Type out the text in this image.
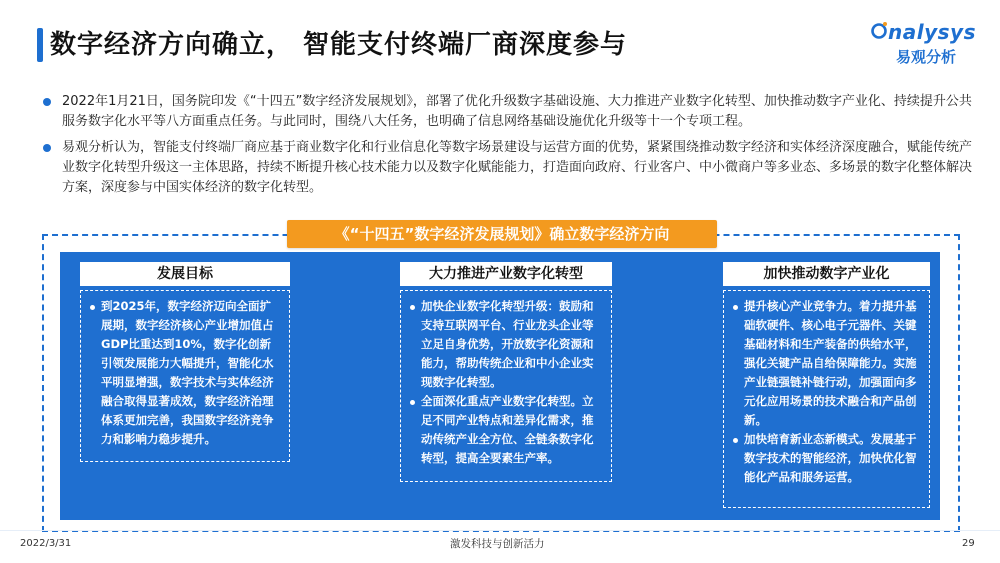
数字经济方向确立， 智能支付终端厂商深度参与	nalysys
易观分析
2022年1月21日，国务院印发《“十四五”数字经济发展规划》，部署了优化升级数字基础设施、大力推进产业数字化转型、加快推动数字产业化、持续提升公共服务数字化水平等八方面重点任务。与此同时，围绕八大任务，也明确了信息网络基础设施优化升级等十一个专项工程。
易观分析认为，智能支付终端厂商应基于商业数字化和行业信息化等数字场景建设与运营方面的优势，紧紧围绕推动数字经济和实体经济深度融合，赋能传统产业数字化转型升级这一主体思路，持续不断提升核心技术能力以及数字化赋能能力，打造面向政府、行业客户、中小微商户等多业态、多场景的数字化整体解决方案，深度参与中国实体经济的数字化转型。
《“十四五”数字经济发展规划》确立数字经济方向
发展目标
到2025年，数字经济迈向全面扩展期，数字经济核心产业增加值占GDP比重达到10%，数字化创新引领发展能力大幅提升，智能化水平明显增强，数字技术与实体经济融合取得显著成效，数字经济治理体系更加完善，我国数字经济竞争力和影响力稳步提升。
大力推进产业数字化转型
加快企业数字化转型升级：鼓励和支持互联网平台、行业龙头企业等立足自身优势，开放数字化资源和能力，帮助传统企业和中小企业实现数字化转型。
全面深化重点产业数字化转型。立足不同产业特点和差异化需求，推动传统产业全方位、全链条数字化转型，提高全要素生产率。
加快推动数字产业化
提升核心产业竞争力。着力提升基础软硬件、核心电子元器件、关键基础材料和生产装备的供给水平，强化关键产品自给保障能力。实施产业链强链补链行动，加强面向多元化应用场景的技术融合和产品创新。
加快培育新业态新模式。发展基于数字技术的智能经济，加快优化智能化产品和服务运营。
2022/3/31	激发科技与创新活力	29
